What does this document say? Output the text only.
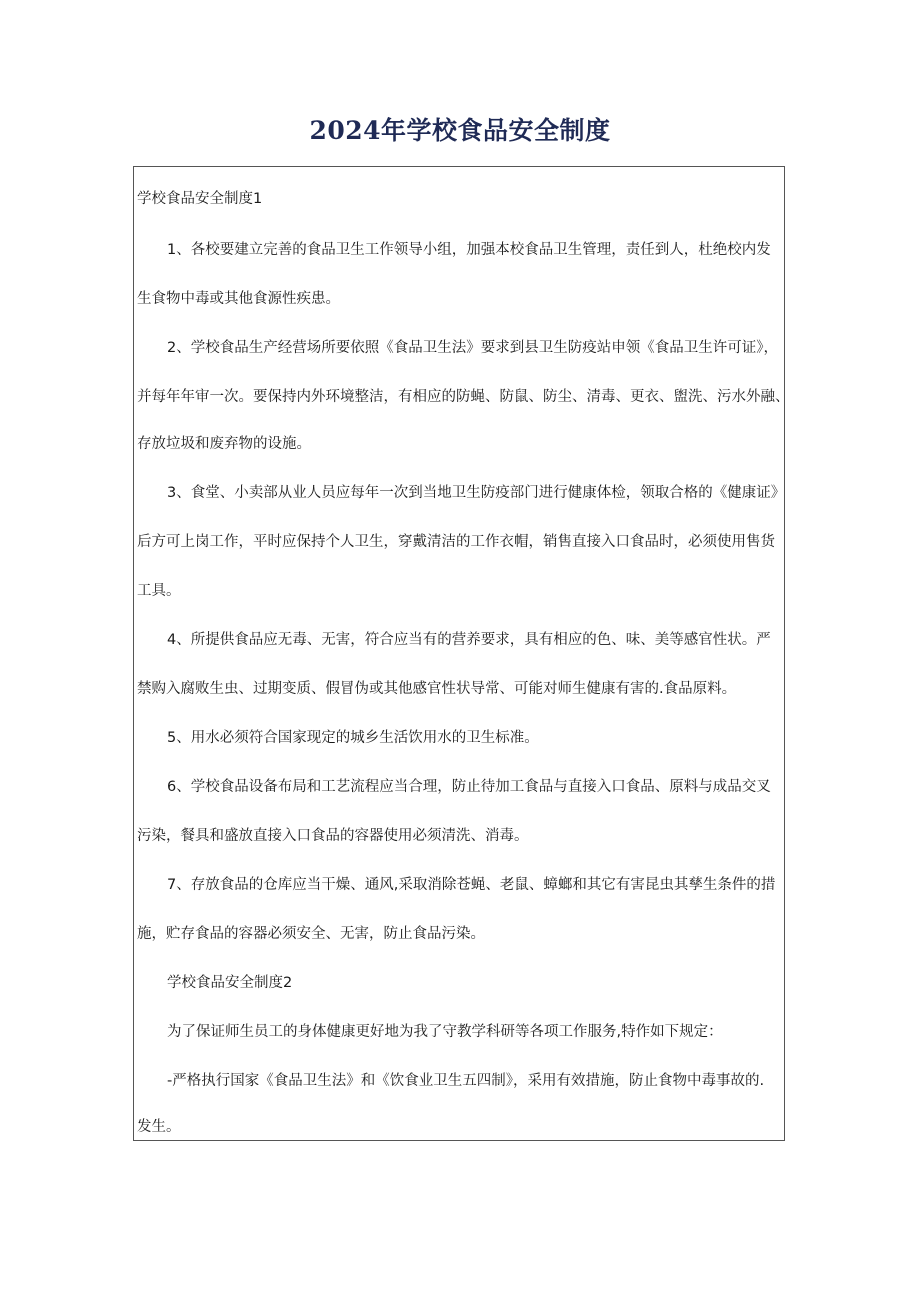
2024年学校食品安全制度
学校食品安全制度1
1、各校要建立完善的食品卫生工作领导小组，加强本校食品卫生管理，责任到人，杜绝校内发
生食物中毒或其他食源性疾患。
2、学校食品生产经营场所要依照《食品卫生法》要求到县卫生防疫站申领《食品卫生许可证》，
并每年年审一次。要保持内外环境整洁，有相应的防蝇、防鼠、防尘、清毒、更衣、盥洗、污水外融、
存放垃圾和废弃物的设施。
3、食堂、小卖部从业人员应每年一次到当地卫生防疫部门进行健康体检，领取合格的《健康证》
后方可上岗工作，平时应保持个人卫生，穿戴清洁的工作衣帽，销售直接入口食品时，必须使用售货
工具。
4、所提供食品应无毒、无害，符合应当有的营养要求，具有相应的色、味、美等感官性状。严
禁购入腐败生虫、过期变质、假冒伪或其他感官性状导常、可能对师生健康有害的.食品原料。
5、用水必须符合国家现定的城乡生活饮用水的卫生标准。
6、学校食品设备布局和工艺流程应当合理，防止待加工食品与直接入口食品、原料与成品交叉
污染，餐具和盛放直接入口食品的容器使用必须清洗、消毒。
7、存放食品的仓库应当干燥、通风,采取消除苍蝇、老鼠、蟑螂和其它有害昆虫其孳生条件的措
施，贮存食品的容器必须安全、无害，防止食品污染。
学校食品安全制度2
为了保证师生员工的身体健康更好地为我了守教学科研等各项工作服务,特作如下规定：
-严格执行国家《食品卫生法》和《饮食业卫生五四制》，采用有效措施，防止食物中毒事故的.
发生。
